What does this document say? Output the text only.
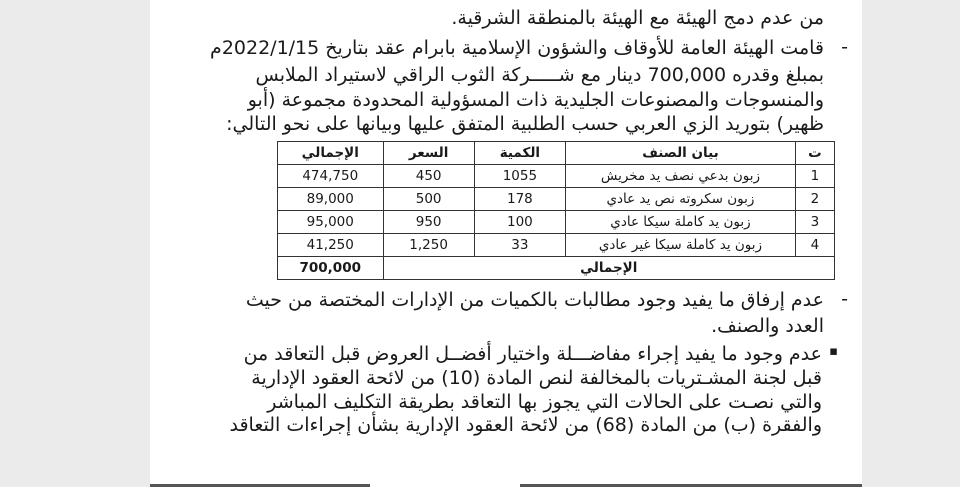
من عدم دمج الهيئة مع الهيئة بالمنطقة الشرقية.

-

قامت الهيئة العامة للأوقاف والشؤون الإسلامية بابرام عقد بتاريخ 2022/1/15م

بمبلغ وقدره 700,000 دينار مع شـــــركة الثوب الراقي لاستيراد الملابس

والمنسوجات والمصنوعات الجليدية ذات المسؤولية المحدودة مجموعة (أبو

ظهير) بتوريد الزي العربي حسب الطلبية المتفق عليها وبيانها على نحو التالي:

ت	بيان الصنف	الكمية	السعر	الإجمالي
1	زبون بدعي نصف يد مخريش	1055	450	474,750
2	زبون سكروته نص يد عادي	178	500	89,000
3	زبون يد كاملة سيكا عادي	100	950	95,000
4	زبون يد كاملة سيكا غير عادي	33	1,250	41,250
الإجمالي				700,000
-

عدم إرفاق ما يفيد وجود مطالبات بالكميات من الإدارات المختصة من حيث

العدد والصنف.

▪

عدم وجود ما يفيد إجراء مفاضـــلة واختيار أفضــل العروض قبل التعاقد من

قبل لجنة المشـتريات بالمخالفة لنص المادة (10) من لائحة العقود الإدارية

والتي نصـت على الحالات التي يجوز بها التعاقد بطريقة التكليف المباشر

والفقرة (ب) من المادة (68) من لائحة العقود الإدارية بشأن إجراءات التعاقد
